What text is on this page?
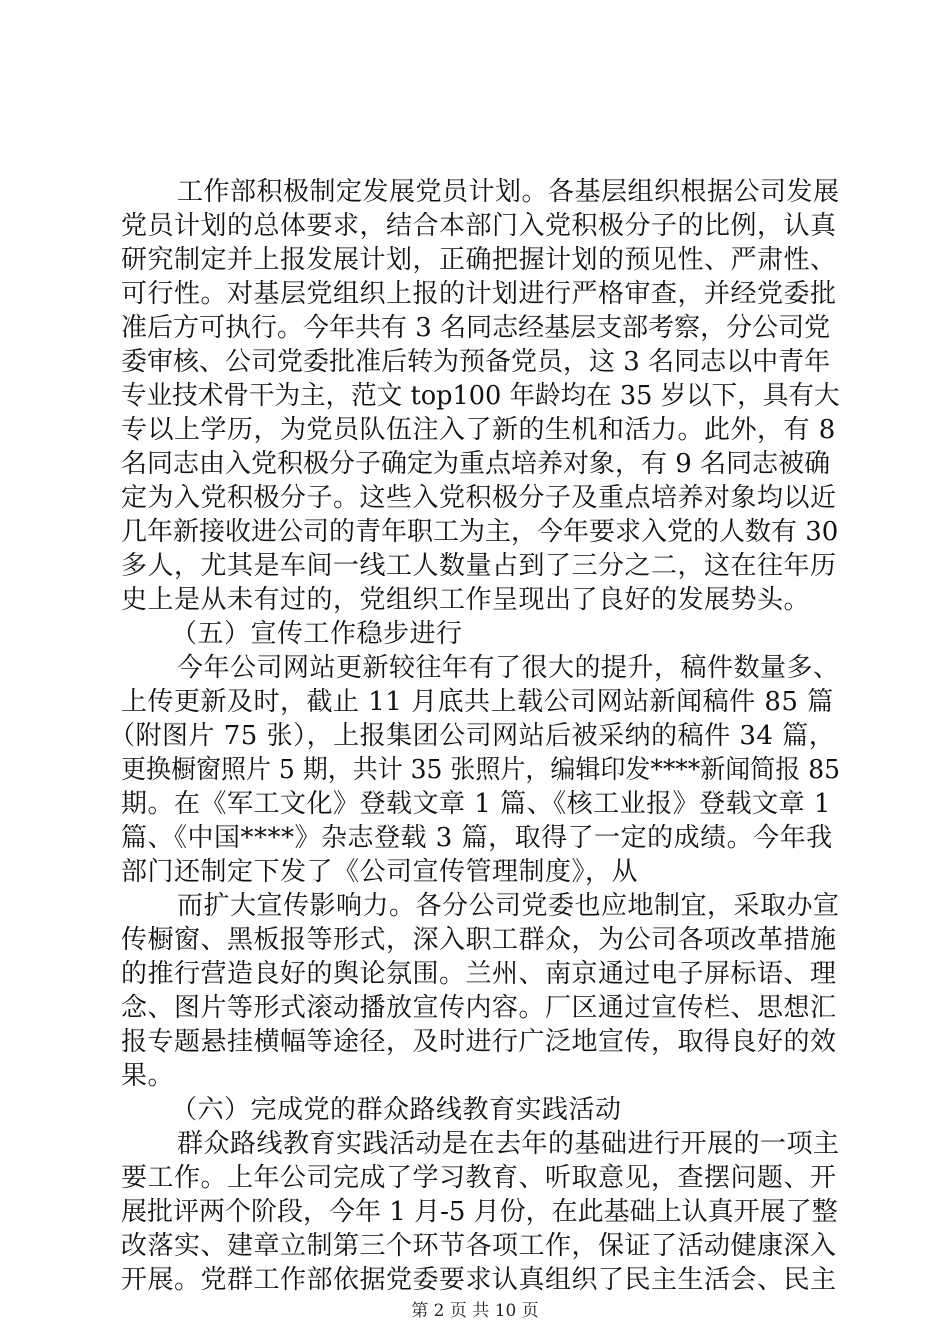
工作部积极制定发展党员计划。各基层组织根据公司发展
党员计划的总体要求，结合本部门入党积极分子的比例，认真
研究制定并上报发展计划，正确把握计划的预见性、严肃性、
可行性。对基层党组织上报的计划进行严格审查，并经党委批
准后方可执行。今年共有 3 名同志经基层支部考察，分公司党
委审核、公司党委批准后转为预备党员，这 3 名同志以中青年
专业技术骨干为主，范文 top100 年龄均在 35 岁以下，具有大
专以上学历，为党员队伍注入了新的生机和活力。此外，有 8
名同志由入党积极分子确定为重点培养对象，有 9 名同志被确
定为入党积极分子。这些入党积极分子及重点培养对象均以近
几年新接收进公司的青年职工为主，今年要求入党的人数有 30
多人，尤其是车间一线工人数量占到了三分之二，这在往年历
史上是从未有过的，党组织工作呈现出了良好的发展势头。
（五）宣传工作稳步进行
今年公司网站更新较往年有了很大的提升，稿件数量多、
上传更新及时，截止 11 月底共上载公司网站新闻稿件 85 篇
（附图片 75 张），上报集团公司网站后被采纳的稿件 34 篇，
更换橱窗照片 5 期，共计 35 张照片，编辑印发****新闻简报 85
期。在《军工文化》登载文章 1 篇、《核工业报》登载文章 1
篇、《中国****》杂志登载 3 篇，取得了一定的成绩。今年我
部门还制定下发了《公司宣传管理制度》，从
而扩大宣传影响力。各分公司党委也应地制宜，采取办宣
传橱窗、黑板报等形式，深入职工群众，为公司各项改革措施
的推行营造良好的舆论氛围。兰州、南京通过电子屏标语、理
念、图片等形式滚动播放宣传内容。厂区通过宣传栏、思想汇
报专题悬挂横幅等途径，及时进行广泛地宣传，取得良好的效
果。
（六）完成党的群众路线教育实践活动
群众路线教育实践活动是在去年的基础进行开展的一项主
要工作。上年公司完成了学习教育、听取意见，查摆问题、开
展批评两个阶段，今年 1 月-5 月份，在此基础上认真开展了整
改落实、建章立制第三个环节各项工作，保证了活动健康深入
开展。党群工作部依据党委要求认真组织了民主生活会、民主
第 2 页 共 10 页
